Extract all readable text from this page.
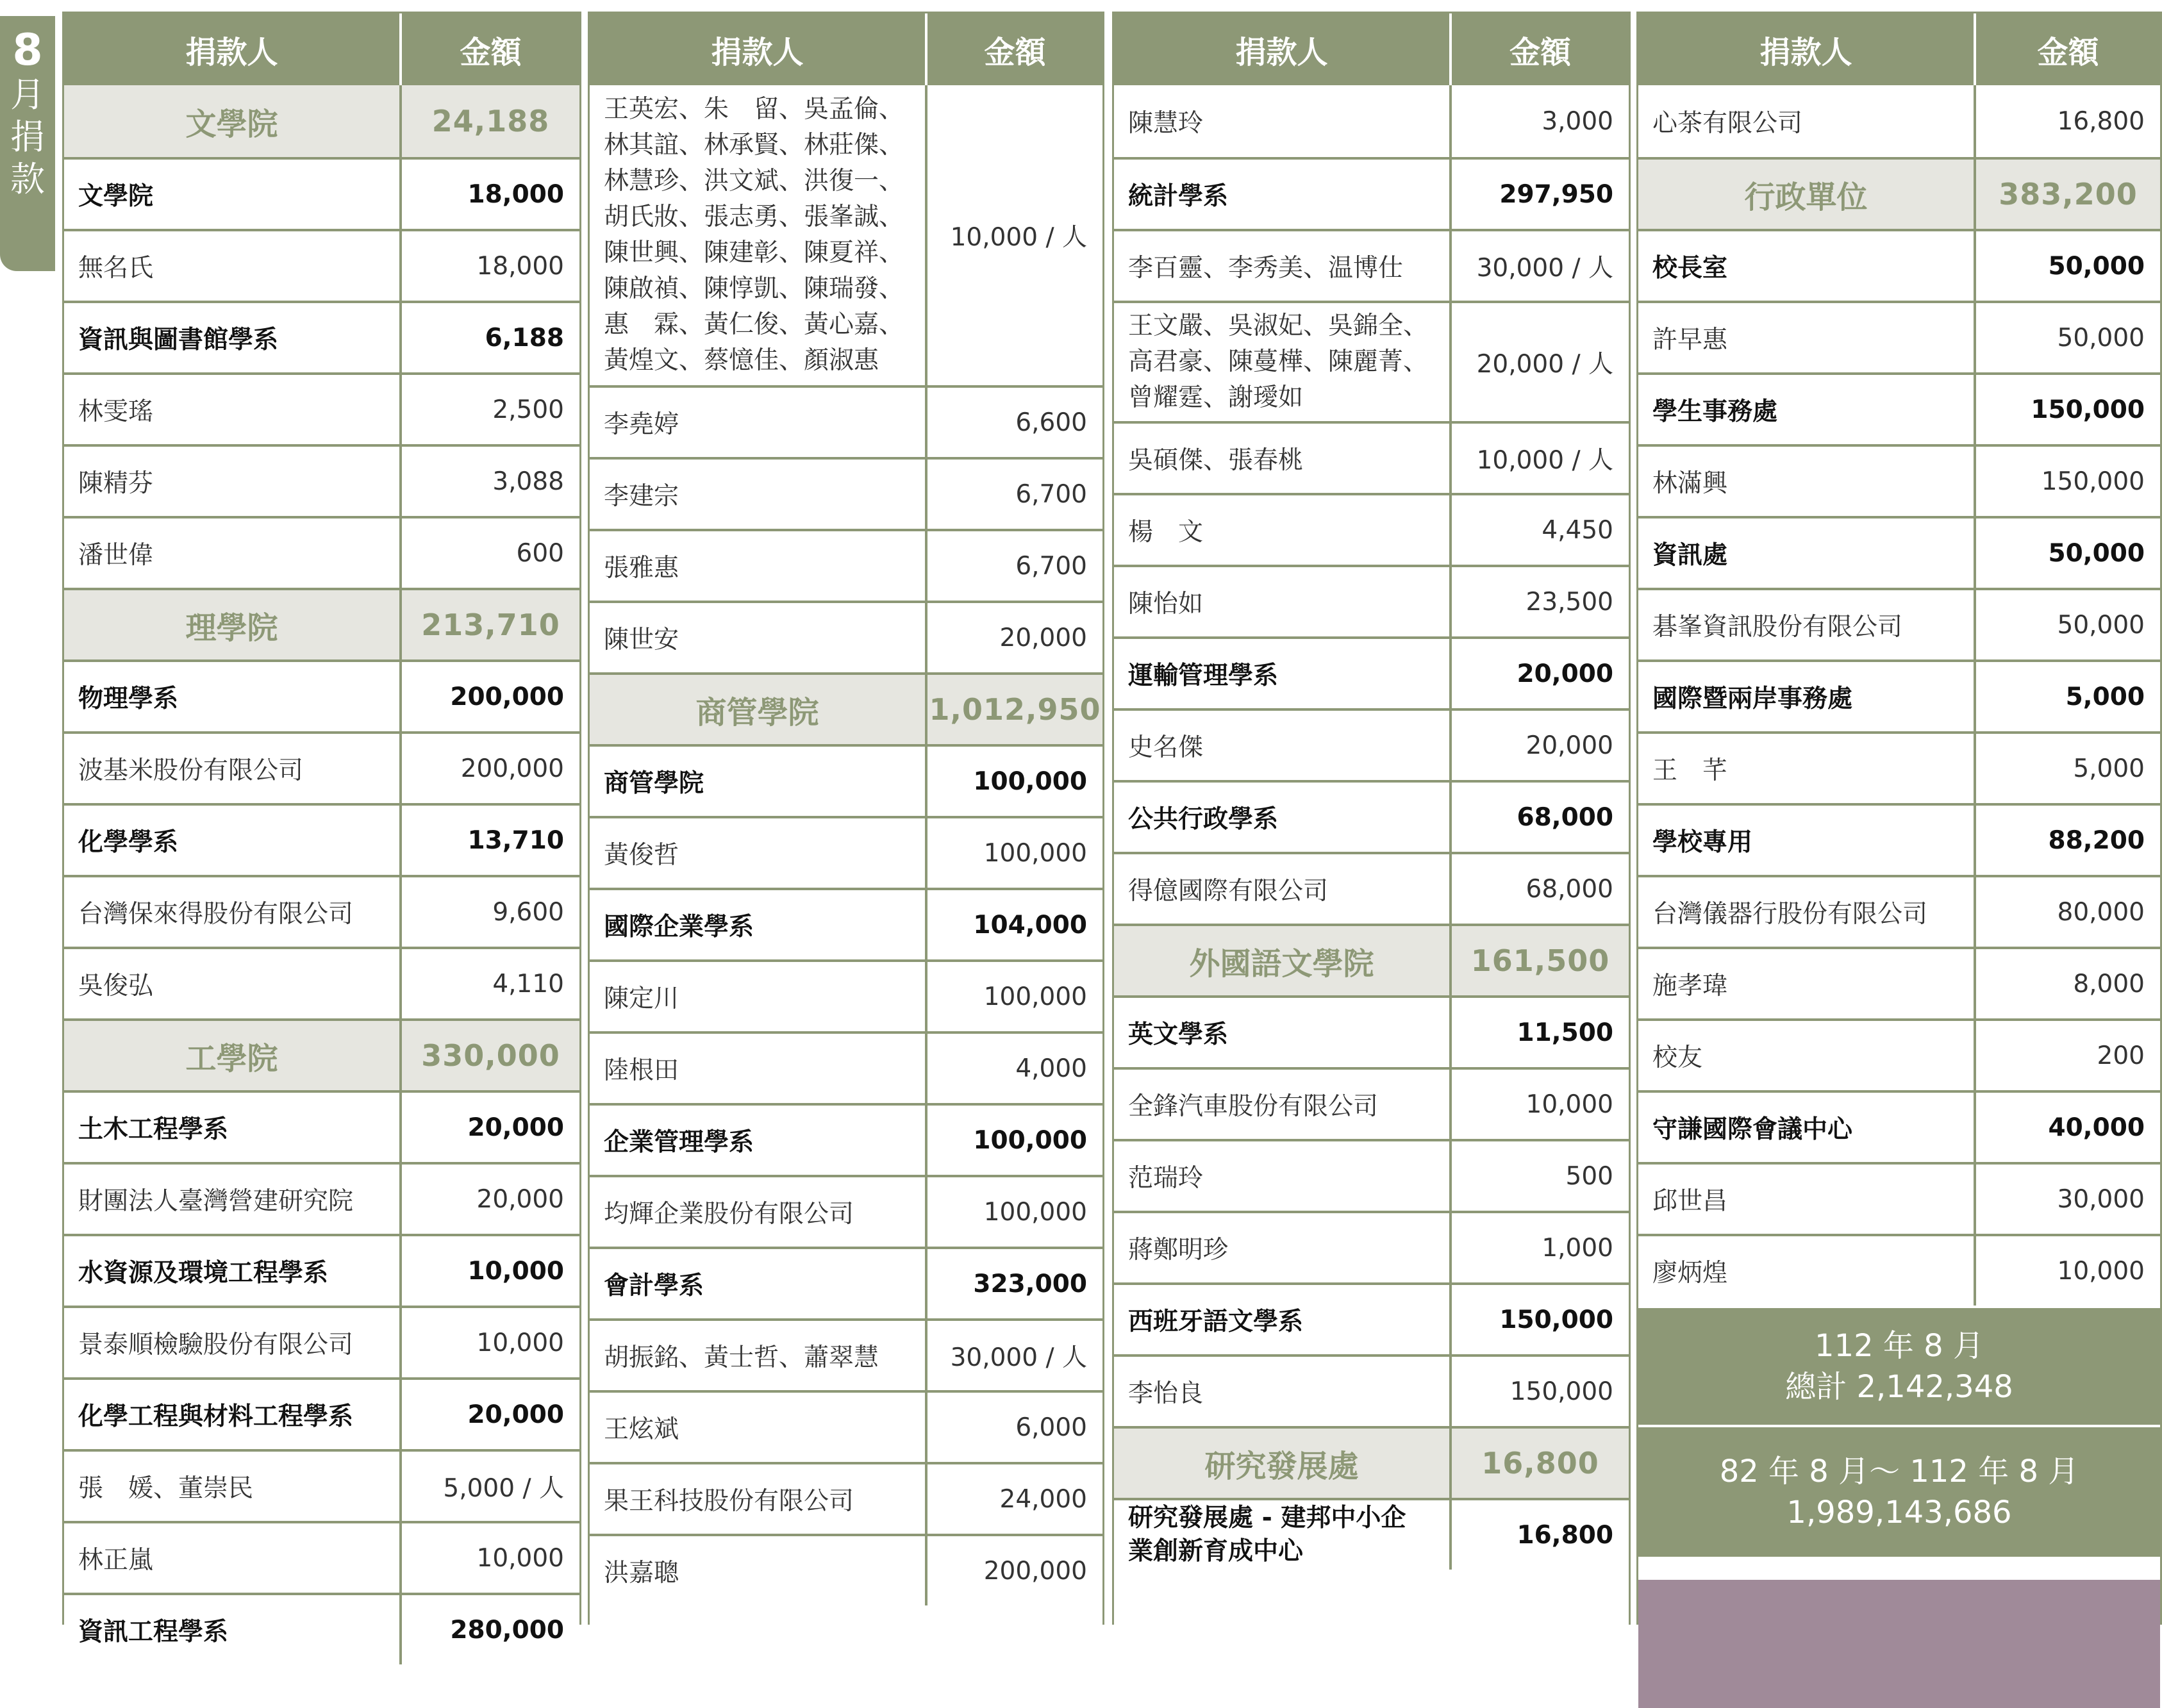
8
月
捐
款
捐款人	金額
文學院	24,188
文學院	18,000
無名氏	18,000
資訊與圖書館學系	6,188
林雯瑤	2,500
陳精芬	3,088
潘世偉	600
理學院	213,710
物理學系	200,000
波基米股份有限公司	200,000
化學學系	13,710
台灣保來得股份有限公司	9,600
吳俊弘	4,110
工學院	330,000
土木工程學系	20,000
財團法人臺灣營建研究院	20,000
水資源及環境工程學系	10,000
景泰順檢驗股份有限公司	10,000
化學工程與材料工程學系	20,000
張　媛、董崇民	5,000 / 人
林正嵐	10,000
資訊工程學系	280,000
捐款人	金額
王英宏、朱　留、吳孟倫、
林其誼、林承賢、林莊傑、
林慧珍、洪文斌、洪復一、
胡氏妝、張志勇、張峯誠、
陳世興、陳建彰、陳夏祥、
陳啟禎、陳惇凱、陳瑞發、
惠　霖、黃仁俊、黃心嘉、
黃煌文、蔡憶佳、顏淑惠
10,000 / 人
李堯婷	6,600
李建宗	6,700
張雅惠	6,700
陳世安	20,000
商管學院	1,012,950
商管學院	100,000
黃俊哲	100,000
國際企業學系	104,000
陳定川	100,000
陸根田	4,000
企業管理學系	100,000
均輝企業股份有限公司	100,000
會計學系	323,000
胡振銘、黃士哲、蕭翠慧	30,000 / 人
王炫斌	6,000
果王科技股份有限公司	24,000
洪嘉聰	200,000
捐款人	金額
陳慧玲	3,000
統計學系	297,950
李百靈、李秀美、温博仕	30,000 / 人
王文嚴、吳淑妃、吳錦全、
高君豪、陳蔓樺、陳麗菁、
曾耀霆、謝璦如
20,000 / 人
吳碩傑、張春桃	10,000 / 人
楊　文	4,450
陳怡如	23,500
運輸管理學系	20,000
史名傑	20,000
公共行政學系	68,000
得億國際有限公司	68,000
外國語文學院	161,500
英文學系	11,500
全鋒汽車股份有限公司	10,000
范瑞玲	500
蔣鄭明珍	1,000
西班牙語文學系	150,000
李怡良	150,000
研究發展處	16,800
研究發展處 - 建邦中小企
業創新育成中心
16,800
捐款人	金額
心茶有限公司	16,800
行政單位	383,200
校長室	50,000
許早惠	50,000
學生事務處	150,000
林滿興	150,000
資訊處	50,000
碁峯資訊股份有限公司	50,000
國際暨兩岸事務處	5,000
王　芊	5,000
學校專用	88,200
台灣儀器行股份有限公司	80,000
施孝瑋	8,000
校友	200
守謙國際會議中心	40,000
邱世昌	30,000
廖炳煌	10,000
112 年 8 月
總計 2,142,348
82 年 8 月～ 112 年 8 月
1,989,143,686
